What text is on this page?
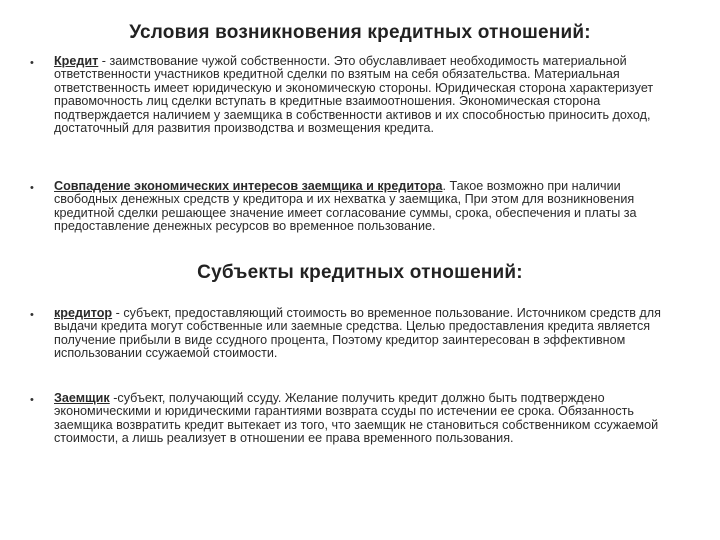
Условия возникновения кредитных отношений:
• Кредит - заимствование чужой собственности. Это обуславливает необходимость материальной ответственности участников кредитной сделки по взятым на себя обязательства. Материальная ответственность имеет юридическую и экономическую стороны. Юридическая сторона характеризует правомочность лиц сделки вступать в кредитные взаимоотношения. Экономическая сторона подтверждается наличием у заемщика в собственности активов и их способностью приносить доход, достаточный для развития производства и возмещения кредита.
• Совпадение экономических интересов заемщика и кредитора. Такое возможно при наличии свободных денежных средств у кредитора и их нехватка у заемщика, При этом для возникновения кредитной сделки решающее значение имеет согласование суммы, срока, обеспечения и платы за предоставление денежных ресурсов во временное пользование.
Субъекты кредитных отношений:
• кредитор - субъект, предоставляющий стоимость во временное пользование. Источником средств для выдачи кредита могут собственные или заемные средства. Целью предоставления кредита является получение прибыли в виде ссудного процента, Поэтому кредитор заинтересован в эффективном использовании ссужаемой стоимости.
• Заемщик -субъект, получающий ссуду. Желание получить кредит должно быть подтверждено экономическими и юридическими гарантиями возврата ссуды по истечении ее срока. Обязанность заемщика возвратить кредит вытекает из того, что заемщик не становиться собственником ссужаемой стоимости, а лишь реализует в отношении ее права временного пользования.
